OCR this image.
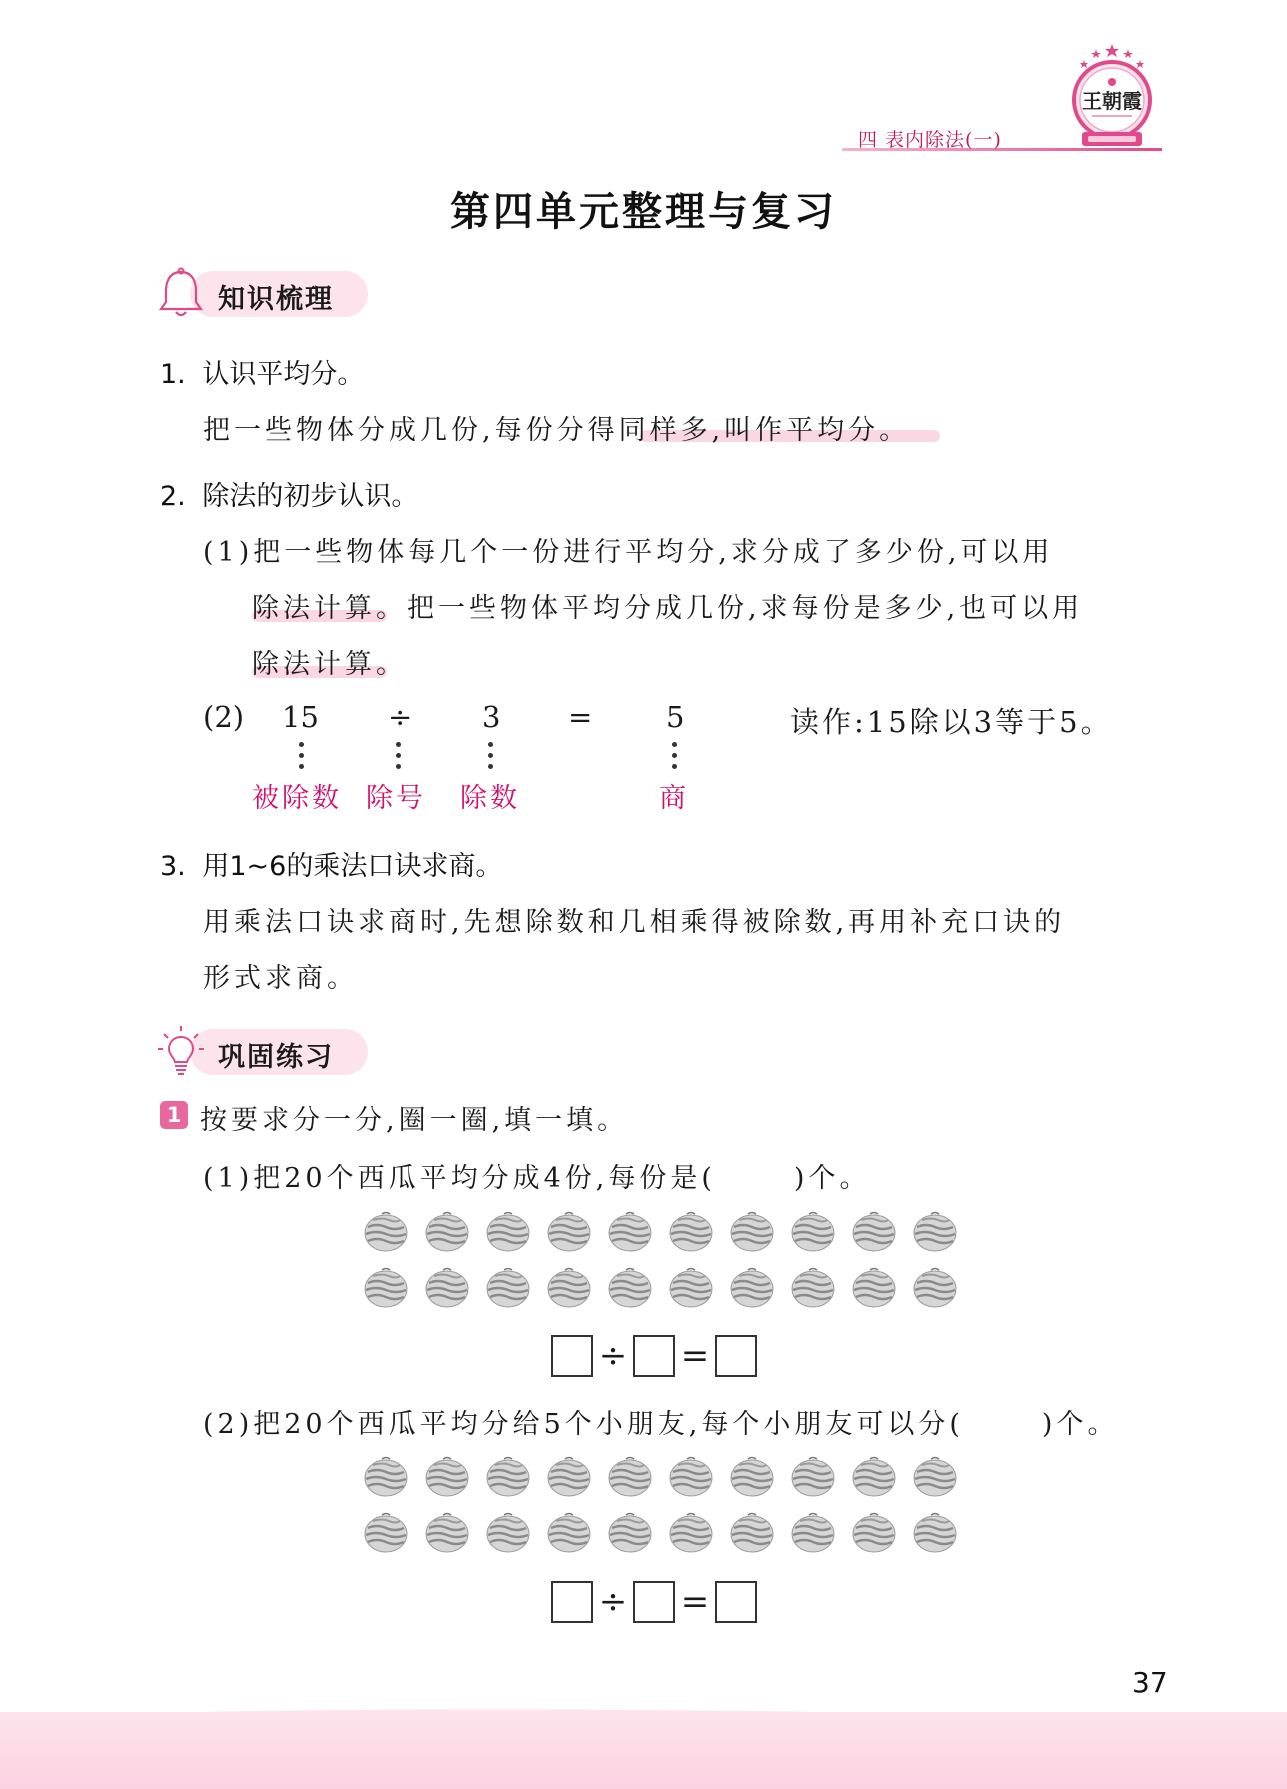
四 表内除法(一)
王朝霞
第四单元整理与复习
知识梳理
1. 认识平均分。
把一些物体分成几份,每份分得同样多,叫作平均分。
2. 除法的初步认识。
(1)把一些物体每几个一份进行平均分,求分成了多少份,可以用
除法计算。把一些物体平均分成几份,求每份是多少,也可以用
除法计算。
(2) 15 ÷ 3 =	5	读作:15除以3等于5。
被除数 除号 除数	商
3. 用1~6的乘法口诀求商。
用乘法口诀求商时,先想除数和几相乘得被除数,再用补充口诀的
形式求商。
巩固练习
1 按要求分一分,圈一圈,填一填。
(1)把20个西瓜平均分成4份,每份是(	)个。
÷ =
(2)把20个西瓜平均分给5个小朋友,每个小朋友可以分(	)个。
÷ =
37
